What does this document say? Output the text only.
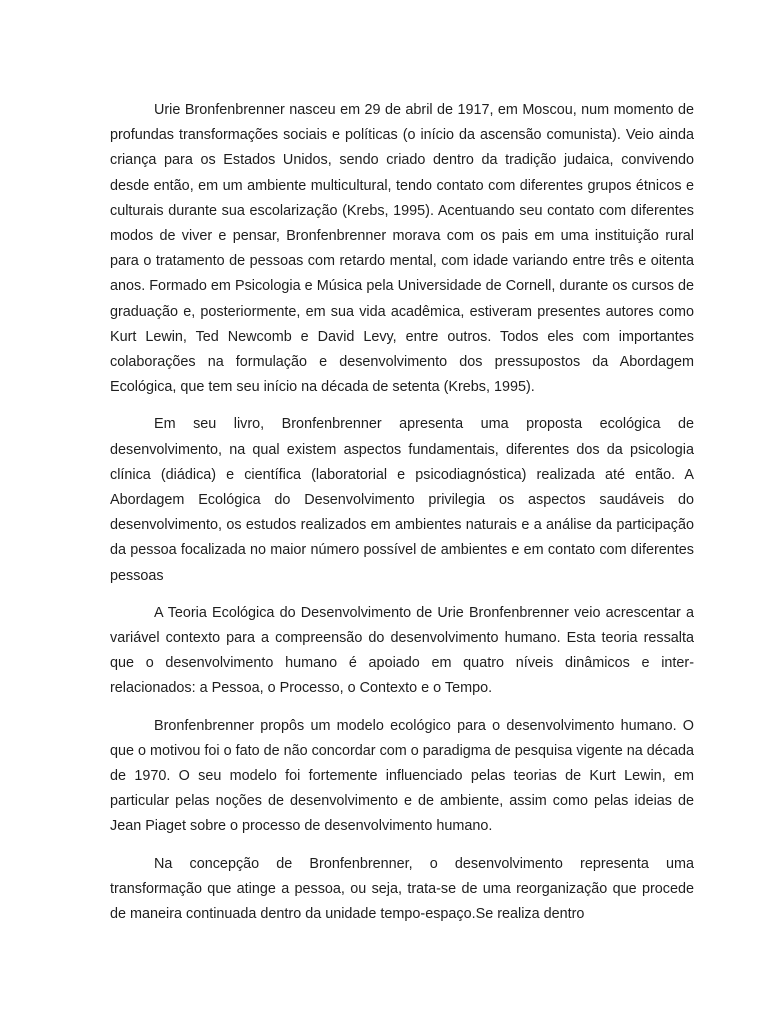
Urie Bronfenbrenner nasceu em 29 de abril de 1917, em Moscou, num momento de profundas transformações sociais e políticas (o início da ascensão comunista). Veio ainda criança para os Estados Unidos, sendo criado dentro da tradição judaica, convivendo desde então, em um ambiente multicultural, tendo contato com diferentes grupos étnicos e culturais durante sua escolarização (Krebs, 1995). Acentuando seu contato com diferentes modos de viver e pensar, Bronfenbrenner morava com os pais em uma instituição rural para o tratamento de pessoas com retardo mental, com idade variando entre três e oitenta anos. Formado em Psicologia e Música pela Universidade de Cornell, durante os cursos de graduação e, posteriormente, em sua vida acadêmica, estiveram presentes autores como Kurt Lewin, Ted Newcomb e David Levy, entre outros. Todos eles com importantes colaborações na formulação e desenvolvimento dos pressupostos da Abordagem Ecológica, que tem seu início na década de setenta (Krebs, 1995).

Em seu livro, Bronfenbrenner apresenta uma proposta ecológica de desenvolvimento, na qual existem aspectos fundamentais, diferentes dos da psicologia clínica (diádica) e científica (laboratorial e psicodiagnóstica) realizada até então. A Abordagem Ecológica do Desenvolvimento privilegia os aspectos saudáveis do desenvolvimento, os estudos realizados em ambientes naturais e a análise da participação da pessoa focalizada no maior número possível de ambientes e em contato com diferentes pessoas

A Teoria Ecológica do Desenvolvimento de Urie Bronfenbrenner veio acrescentar a variável contexto para a compreensão do desenvolvimento humano. Esta teoria ressalta que o desenvolvimento humano é apoiado em quatro níveis dinâmicos e inter-relacionados: a Pessoa, o Processo, o Contexto e o Tempo.

Bronfenbrenner propôs um modelo ecológico para o desenvolvimento humano. O que o motivou foi o fato de não concordar com o paradigma de pesquisa vigente na década de 1970. O seu modelo foi fortemente influenciado pelas teorias de Kurt Lewin, em particular pelas noções de desenvolvimento e de ambiente, assim como pelas ideias de Jean Piaget sobre o processo de desenvolvimento humano.

Na concepção de Bronfenbrenner, o desenvolvimento representa uma transformação que atinge a pessoa, ou seja, trata-se de uma reorganização que procede de maneira continuada dentro da unidade tempo-espaço.Se realiza dentro
